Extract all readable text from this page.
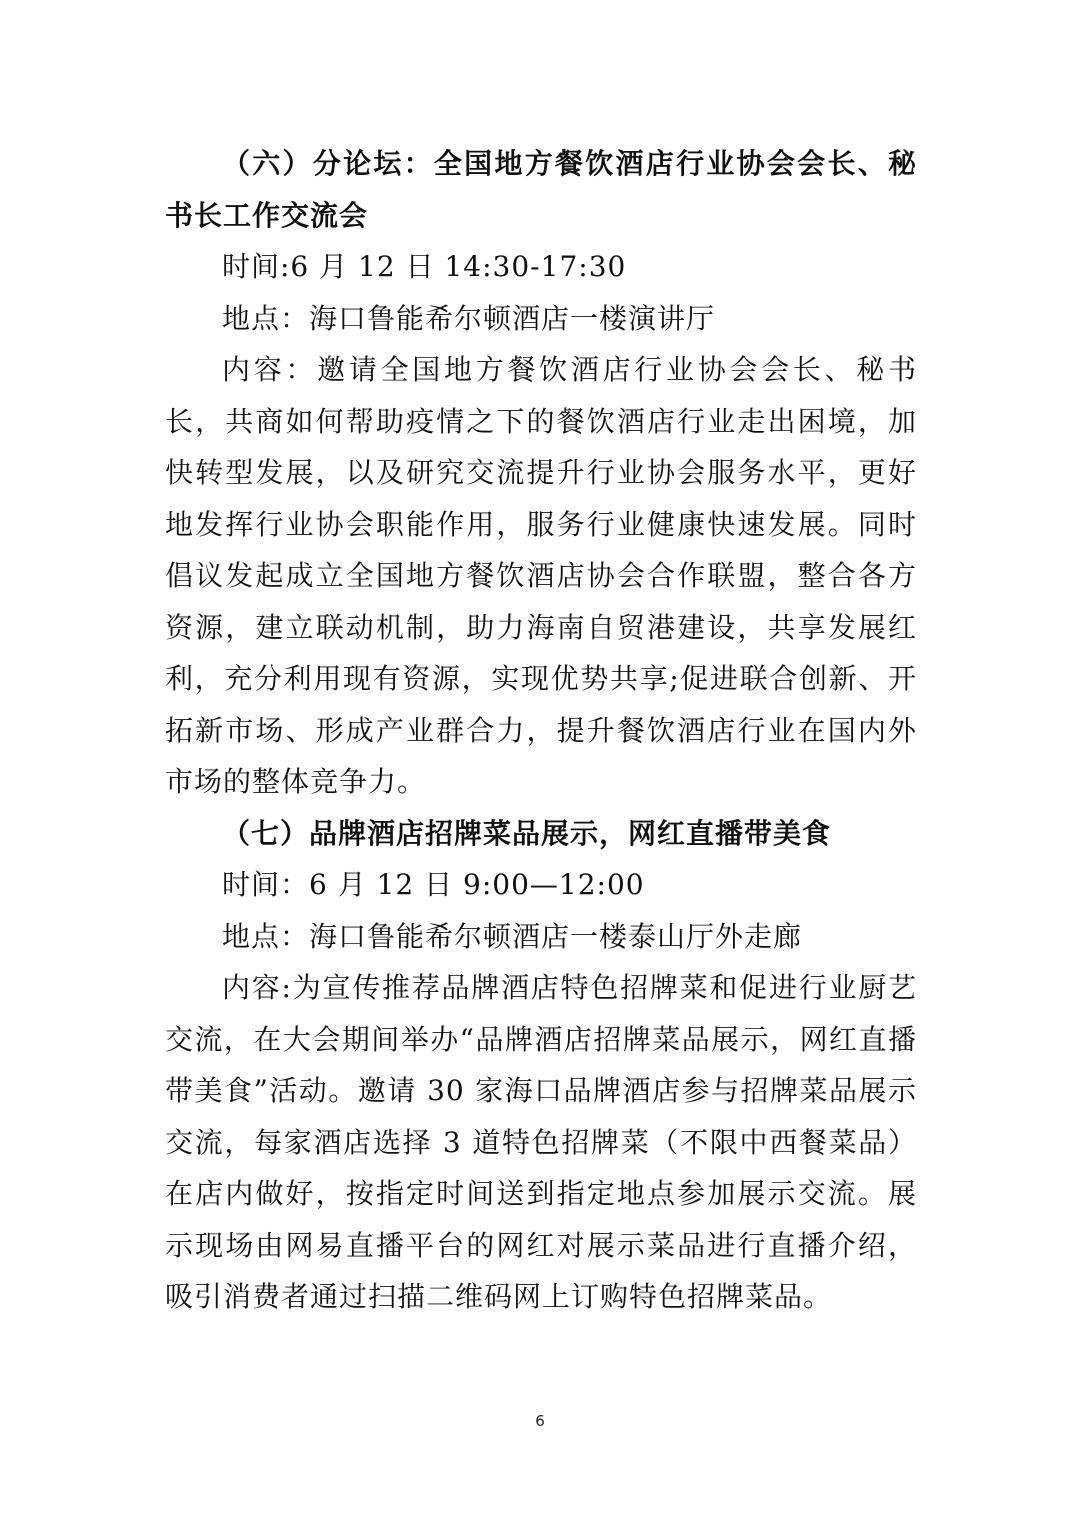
（六）分论坛：全国地方餐饮酒店行业协会会长、秘书长工作交流会

时间:6 月 12 日 14:30-17:30

地点：海口鲁能希尔顿酒店一楼演讲厅

内容：邀请全国地方餐饮酒店行业协会会长、秘书长，共商如何帮助疫情之下的餐饮酒店行业走出困境，加快转型发展，以及研究交流提升行业协会服务水平，更好地发挥行业协会职能作用，服务行业健康快速发展。同时倡议发起成立全国地方餐饮酒店协会合作联盟，整合各方资源，建立联动机制，助力海南自贸港建设，共享发展红利，充分利用现有资源，实现优势共享;促进联合创新、开拓新市场、形成产业群合力，提升餐饮酒店行业在国内外市场的整体竞争力。

（七）品牌酒店招牌菜品展示，网红直播带美食

时间：6 月 12 日 9:00—12:00

地点：海口鲁能希尔顿酒店一楼泰山厅外走廊

内容:为宣传推荐品牌酒店特色招牌菜和促进行业厨艺交流，在大会期间举办“品牌酒店招牌菜品展示，网红直播带美食”活动。邀请 30 家海口品牌酒店参与招牌菜品展示交流，每家酒店选择 3 道特色招牌菜（不限中西餐菜品）在店内做好，按指定时间送到指定地点参加展示交流。展示现场由网易直播平台的网红对展示菜品进行直播介绍，吸引消费者通过扫描二维码网上订购特色招牌菜品。

6
